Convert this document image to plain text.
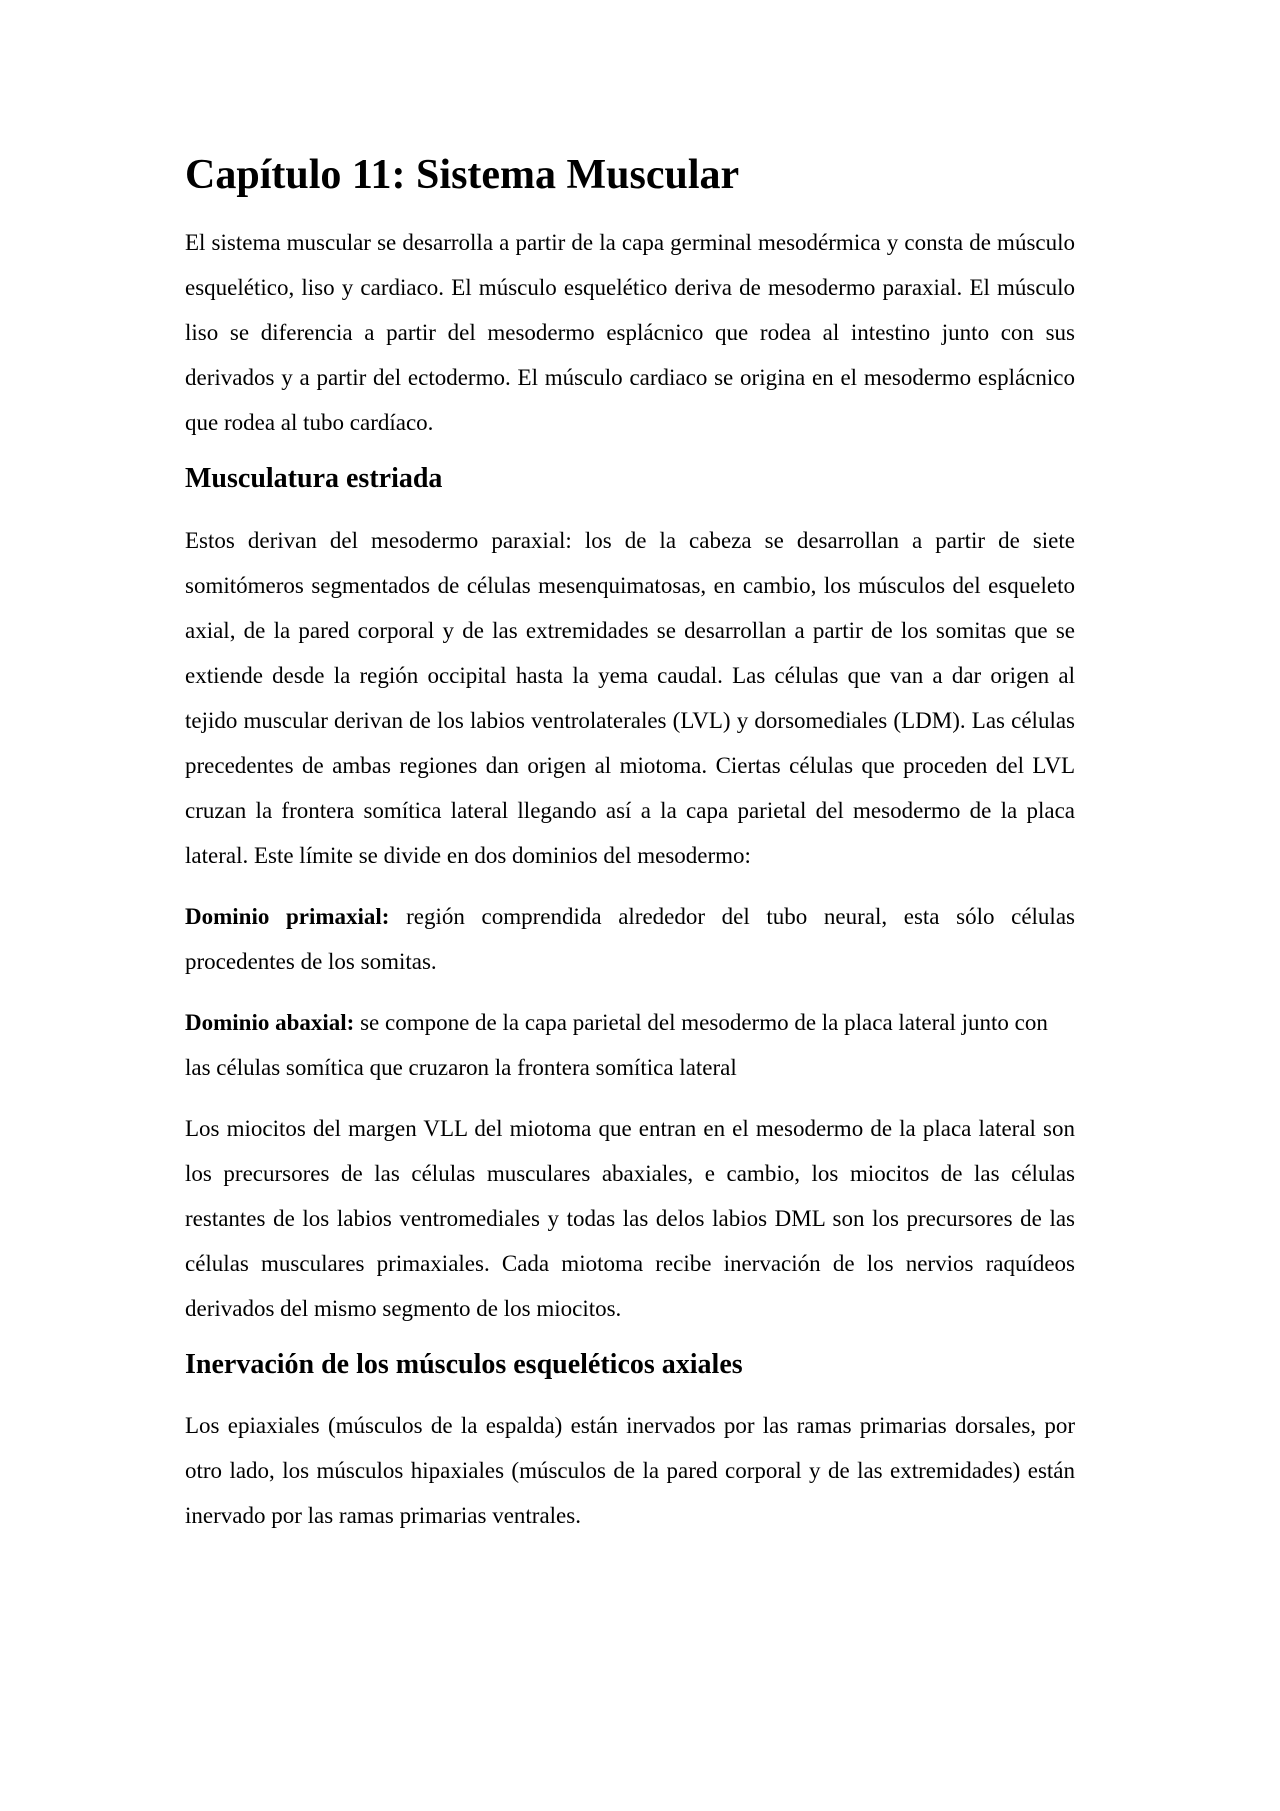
Capítulo 11: Sistema Muscular

El sistema muscular se desarrolla a partir de la capa germinal mesodérmica y consta de músculo esquelético, liso y cardiaco. El músculo esquelético deriva de mesodermo paraxial. El músculo liso se diferencia a partir del mesodermo esplácnico que rodea al intestino junto con sus derivados y a partir del ectodermo. El músculo cardiaco se origina en el mesodermo esplácnico que rodea al tubo cardíaco.

Musculatura estriada

Estos derivan del mesodermo paraxial: los de la cabeza se desarrollan a partir de siete somitómeros segmentados de células mesenquimatosas, en cambio, los músculos del esqueleto axial, de la pared corporal y de las extremidades se desarrollan a partir de los somitas que se extiende desde la región occipital hasta la yema caudal. Las células que van a dar origen al tejido muscular derivan de los labios ventrolaterales (LVL) y dorsomediales (LDM). Las células precedentes de ambas regiones dan origen al miotoma. Ciertas células que proceden del LVL cruzan la frontera somítica lateral llegando así a la capa parietal del mesodermo de la placa lateral. Este límite se divide en dos dominios del mesodermo:

Dominio primaxial: región comprendida alrededor del tubo neural, esta sólo células procedentes de los somitas.

Dominio abaxial: se compone de la capa parietal del mesodermo de la placa lateral junto con las células somítica que cruzaron la frontera somítica lateral

Los miocitos del margen VLL del miotoma que entran en el mesodermo de la placa lateral son los precursores de las células musculares abaxiales, e cambio, los miocitos de las células restantes de los labios ventromediales y todas las delos labios DML son los precursores de las células musculares primaxiales. Cada miotoma recibe inervación de los nervios raquídeos derivados del mismo segmento de los miocitos.

Inervación de los músculos esqueléticos axiales

Los epiaxiales (músculos de la espalda) están inervados por las ramas primarias dorsales, por otro lado, los músculos hipaxiales (músculos de la pared corporal y de las extremidades) están inervado por las ramas primarias ventrales.
